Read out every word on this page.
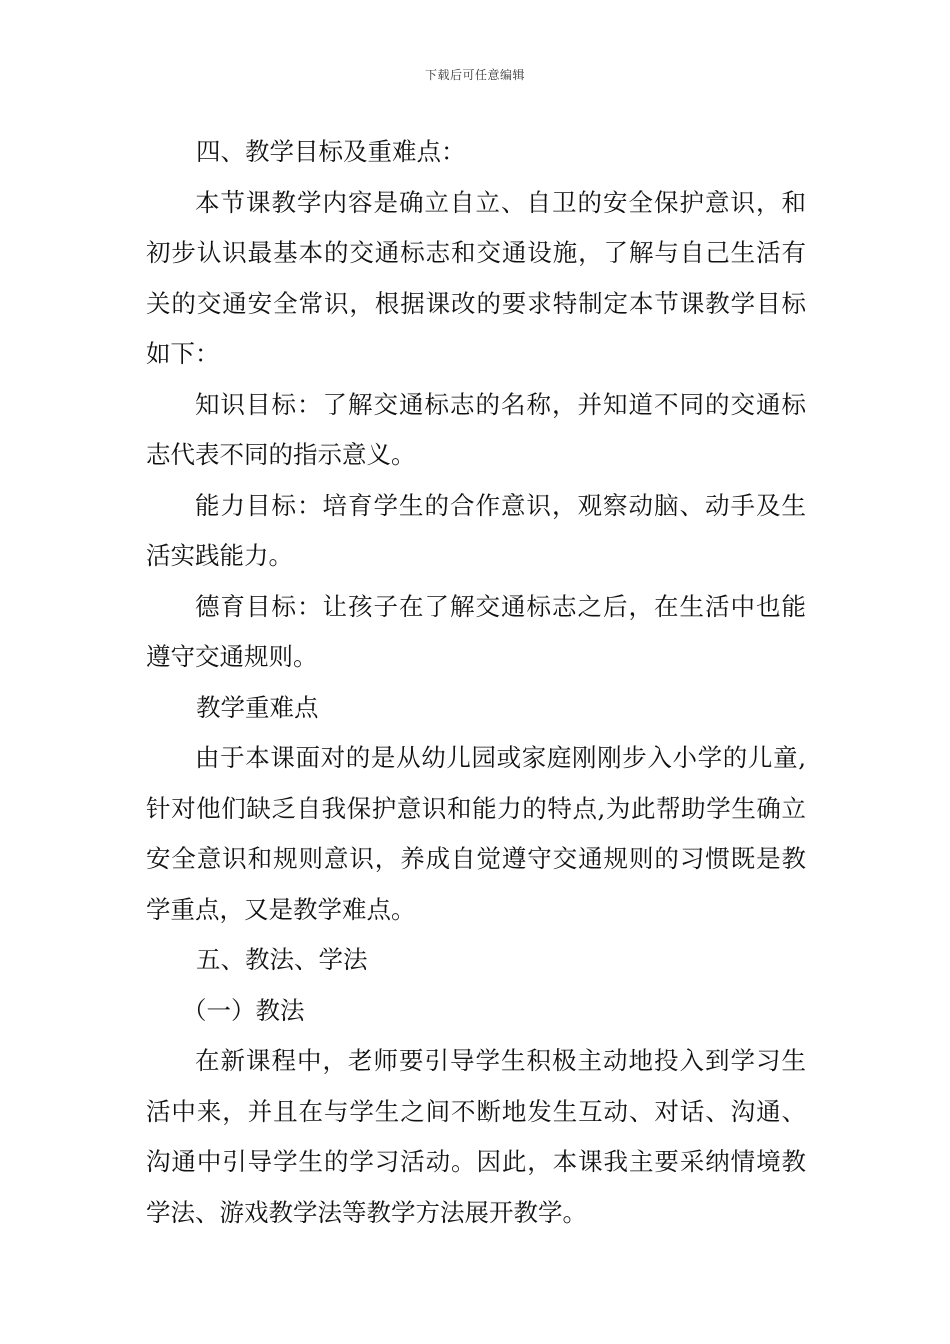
下载后可任意编辑

四、教学目标及重难点：

本节课教学内容是确立自立、自卫的安全保护意识，和初步认识最基本的交通标志和交通设施，了解与自己生活有关的交通安全常识，根据课改的要求特制定本节课教学目标如下：

知识目标：了解交通标志的名称，并知道不同的交通标志代表不同的指示意义。

能力目标：培育学生的合作意识，观察动脑、动手及生活实践能力。

德育目标：让孩子在了解交通标志之后，在生活中也能遵守交通规则。

教学重难点

由于本课面对的是从幼儿园或家庭刚刚步入小学的儿童,针对他们缺乏自我保护意识和能力的特点,为此帮助学生确立安全意识和规则意识，养成自觉遵守交通规则的习惯既是教学重点，又是教学难点。

五、教法、学法

（一）教法

在新课程中，老师要引导学生积极主动地投入到学习生活中来，并且在与学生之间不断地发生互动、对话、沟通、沟通中引导学生的学习活动。因此，本课我主要采纳情境教学法、游戏教学法等教学方法展开教学。
